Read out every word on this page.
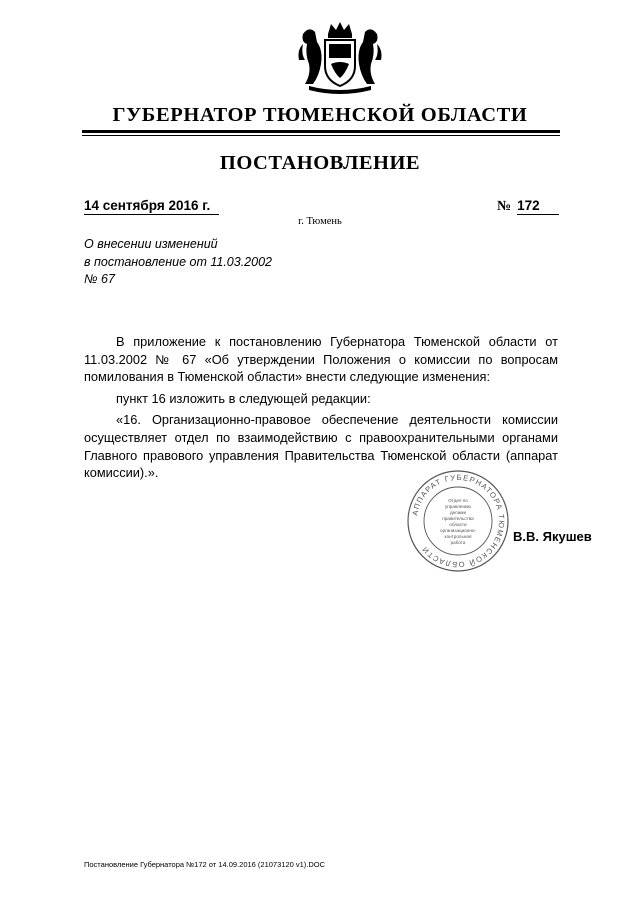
ГУБЕРНАТОР ТЮМЕНСКОЙ ОБЛАСТИ
ПОСТАНОВЛЕНИЕ
14 сентября 2016 г.	№ 172
г. Тюмень
О внесении изменений
в постановление от 11.03.2002
№ 67

В приложение к постановлению Губернатора Тюменской области от 11.03.2002 № 67 «Об утверждении Положения о комиссии по вопросам помилования в Тюменской области» внести следующие изменения:

пункт 16 изложить в следующей редакции:

«16. Организационно-правовое обеспечение деятельности комиссии осуществляет отдел по взаимодействию с правоохранительными органами Главного правового управления Правительства Тюменской области (аппарат комиссии).».

АППАРАТ ГУБЕРНАТОРА ТЮМЕНСКОЙ ОБЛАСТИ
Отдел по
управлению
делами
правительства
области
организационно-
контрольная
работа	В.В. Якушев
Постановление Губернатора №172 от 14.09.2016 (21073120 v1).DOC
